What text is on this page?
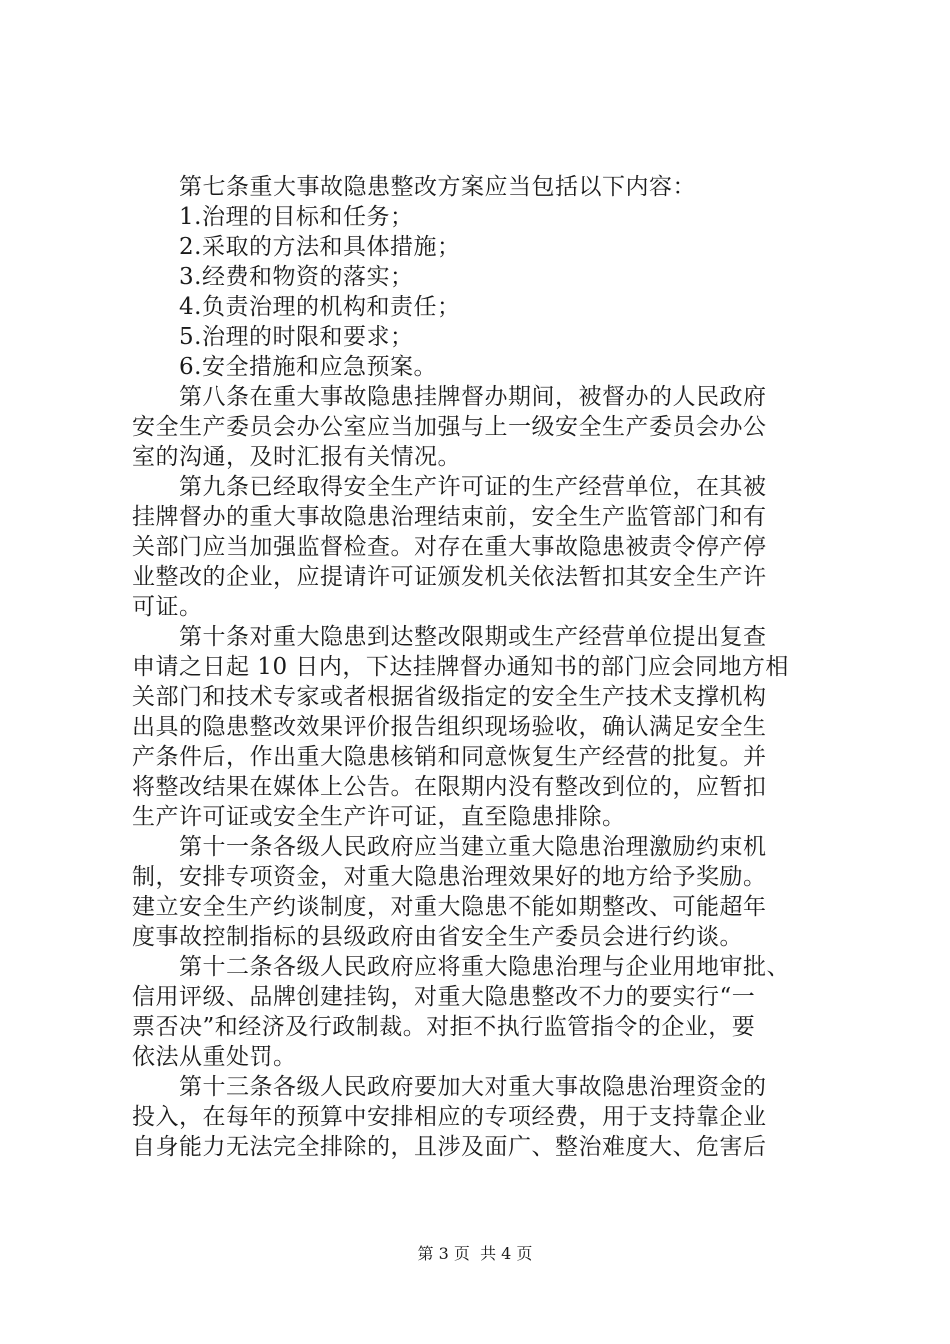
第七条重大事故隐患整改方案应当包括以下内容：
1.治理的目标和任务；
2.采取的方法和具体措施；
3.经费和物资的落实；
4.负责治理的机构和责任；
5.治理的时限和要求；
6.安全措施和应急预案。
第八条在重大事故隐患挂牌督办期间，被督办的人民政府
安全生产委员会办公室应当加强与上一级安全生产委员会办公
室的沟通，及时汇报有关情况。
第九条已经取得安全生产许可证的生产经营单位，在其被
挂牌督办的重大事故隐患治理结束前，安全生产监管部门和有
关部门应当加强监督检查。对存在重大事故隐患被责令停产停
业整改的企业，应提请许可证颁发机关依法暂扣其安全生产许
可证。
第十条对重大隐患到达整改限期或生产经营单位提出复查
申请之日起 10 日内，下达挂牌督办通知书的部门应会同地方相
关部门和技术专家或者根据省级指定的安全生产技术支撑机构
出具的隐患整改效果评价报告组织现场验收，确认满足安全生
产条件后，作出重大隐患核销和同意恢复生产经营的批复。并
将整改结果在媒体上公告。在限期内没有整改到位的，应暂扣
生产许可证或安全生产许可证，直至隐患排除。
第十一条各级人民政府应当建立重大隐患治理激励约束机
制，安排专项资金，对重大隐患治理效果好的地方给予奖励。
建立安全生产约谈制度，对重大隐患不能如期整改、可能超年
度事故控制指标的县级政府由省安全生产委员会进行约谈。
第十二条各级人民政府应将重大隐患治理与企业用地审批、
信用评级、品牌创建挂钩，对重大隐患整改不力的要实行“一
票否决”和经济及行政制裁。对拒不执行监管指令的企业，要
依法从重处罚。
第十三条各级人民政府要加大对重大事故隐患治理资金的
投入，在每年的预算中安排相应的专项经费，用于支持靠企业
自身能力无法完全排除的，且涉及面广、整治难度大、危害后
第 3 页  共 4 页
